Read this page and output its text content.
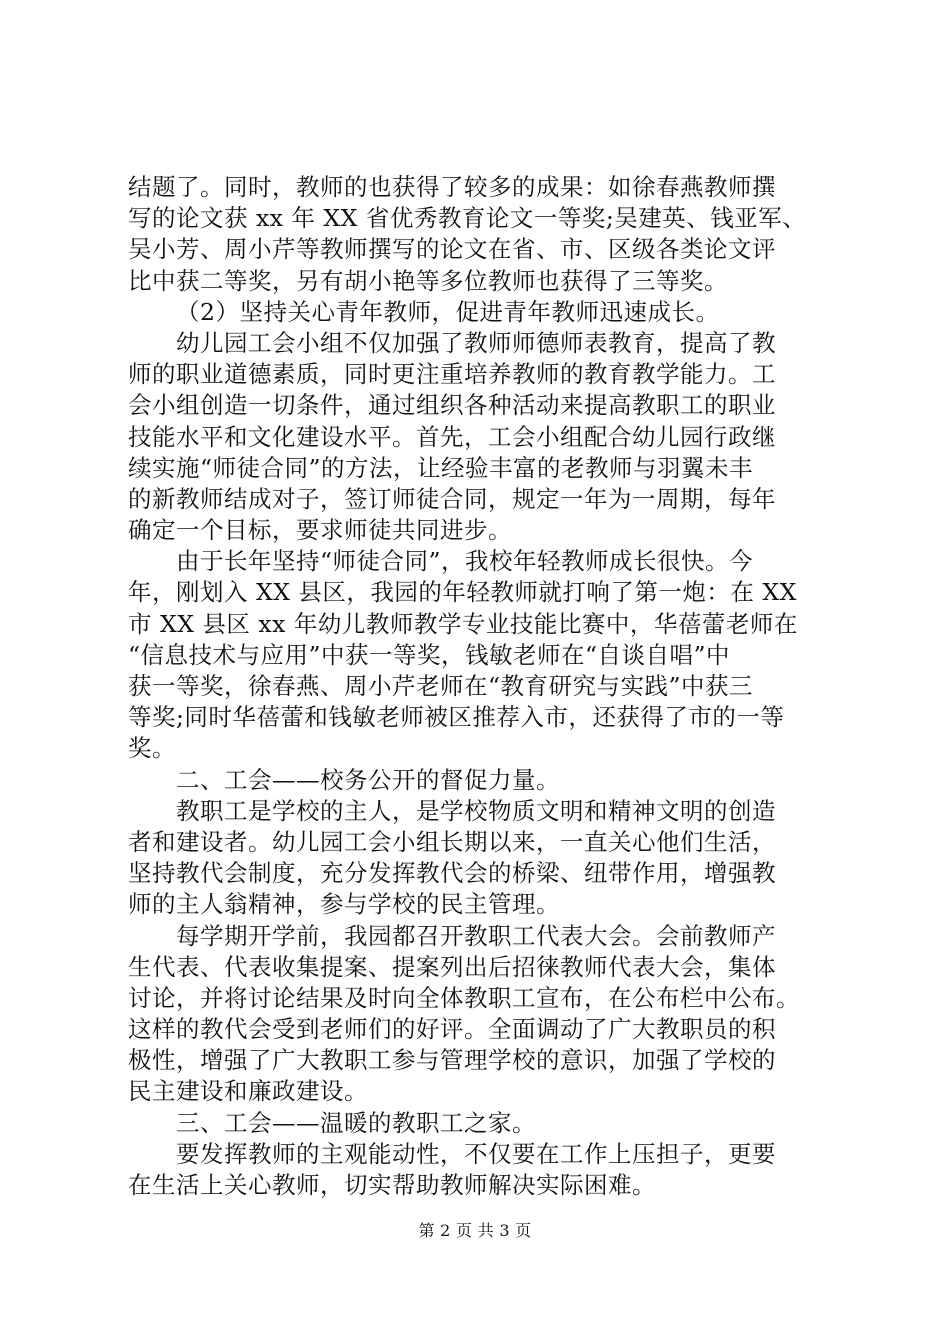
结题了。同时，教师的也获得了较多的成果：如徐春燕教师撰
写的论文获 xx 年 XX 省优秀教育论文一等奖;吴建英、钱亚军、
吴小芳、周小芹等教师撰写的论文在省、市、区级各类论文评
比中获二等奖，另有胡小艳等多位教师也获得了三等奖。
（2）坚持关心青年教师，促进青年教师迅速成长。
幼儿园工会小组不仅加强了教师师德师表教育，提高了教
师的职业道德素质，同时更注重培养教师的教育教学能力。工
会小组创造一切条件，通过组织各种活动来提高教职工的职业
技能水平和文化建设水平。首先，工会小组配合幼儿园行政继
续实施“师徒合同”的方法，让经验丰富的老教师与羽翼未丰
的新教师结成对子，签订师徒合同，规定一年为一周期，每年
确定一个目标，要求师徒共同进步。
由于长年坚持“师徒合同”，我校年轻教师成长很快。今
年，刚划入 XX 县区，我园的年轻教师就打响了第一炮：在 XX
市 XX 县区 xx 年幼儿教师教学专业技能比赛中，华蓓蕾老师在
“信息技术与应用”中获一等奖，钱敏老师在“自谈自唱”中
获一等奖，徐春燕、周小芹老师在“教育研究与实践”中获三
等奖;同时华蓓蕾和钱敏老师被区推荐入市，还获得了市的一等
奖。
二、工会——校务公开的督促力量。
教职工是学校的主人，是学校物质文明和精神文明的创造
者和建设者。幼儿园工会小组长期以来，一直关心他们生活，
坚持教代会制度，充分发挥教代会的桥梁、纽带作用，增强教
师的主人翁精神，参与学校的民主管理。
每学期开学前，我园都召开教职工代表大会。会前教师产
生代表、代表收集提案、提案列出后招徕教师代表大会，集体
讨论，并将讨论结果及时向全体教职工宣布，在公布栏中公布。
这样的教代会受到老师们的好评。全面调动了广大教职员的积
极性，增强了广大教职工参与管理学校的意识，加强了学校的
民主建设和廉政建设。
三、工会——温暖的教职工之家。
要发挥教师的主观能动性，不仅要在工作上压担子，更要
在生活上关心教师，切实帮助教师解决实际困难。
第 2 页 共 3 页
